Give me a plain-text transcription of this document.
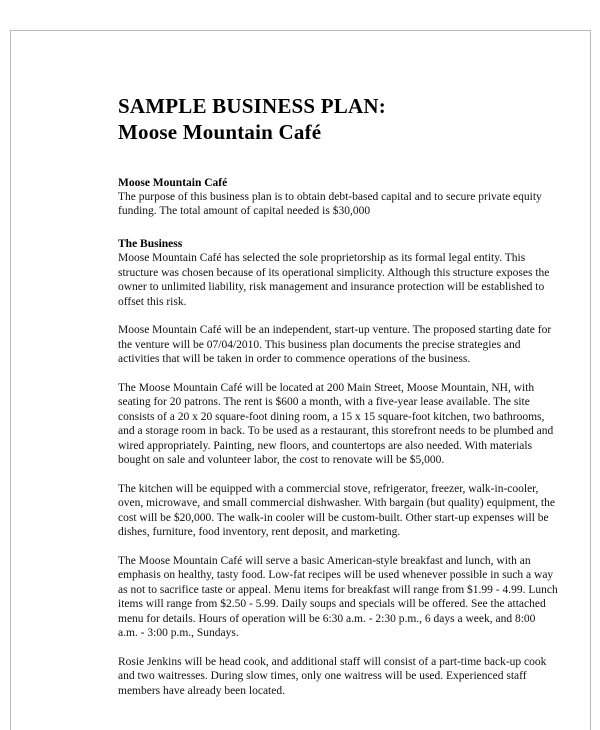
SAMPLE BUSINESS PLAN:
Moose Mountain Café
Moose Mountain Café

The purpose of this business plan is to obtain debt-based capital and to secure private equity funding. The total amount of capital needed is $30,000

The Business

Moose Mountain Café has selected the sole proprietorship as its formal legal entity. This structure was chosen because of its operational simplicity. Although this structure exposes the owner to unlimited liability, risk management and insurance protection will be established to offset this risk.

Moose Mountain Café will be an independent, start-up venture. The proposed starting date for the venture will be 07/04/2010. This business plan documents the precise strategies and activities that will be taken in order to commence operations of the business.

The Moose Mountain Café will be located at 200 Main Street, Moose Mountain, NH, with seating for 20 patrons. The rent is $600 a month, with a five-year lease available. The site consists of a 20 x 20 square-foot dining room, a 15 x 15 square-foot kitchen, two bathrooms, and a storage room in back. To be used as a restaurant, this storefront needs to be plumbed and wired appropriately. Painting, new floors, and countertops are also needed. With materials bought on sale and volunteer labor, the cost to renovate will be $5,000.

The kitchen will be equipped with a commercial stove, refrigerator, freezer, walk-in-cooler, oven, microwave, and small commercial dishwasher. With bargain (but quality) equipment, the cost will be $20,000. The walk-in cooler will be custom-built. Other start-up expenses will be dishes, furniture, food inventory, rent deposit, and marketing.

The Moose Mountain Café will serve a basic American-style breakfast and lunch, with an emphasis on healthy, tasty food. Low-fat recipes will be used whenever possible in such a way as not to sacrifice taste or appeal. Menu items for breakfast will range from $1.99 - 4.99. Lunch items will range from $2.50 - 5.99. Daily soups and specials will be offered. See the attached menu for details. Hours of operation will be 6:30 a.m. - 2:30 p.m., 6 days a week, and 8:00 a.m. - 3:00 p.m., Sundays.

Rosie Jenkins will be head cook, and additional staff will consist of a part-time back-up cook and two waitresses. During slow times, only one waitress will be used. Experienced staff members have already been located.
